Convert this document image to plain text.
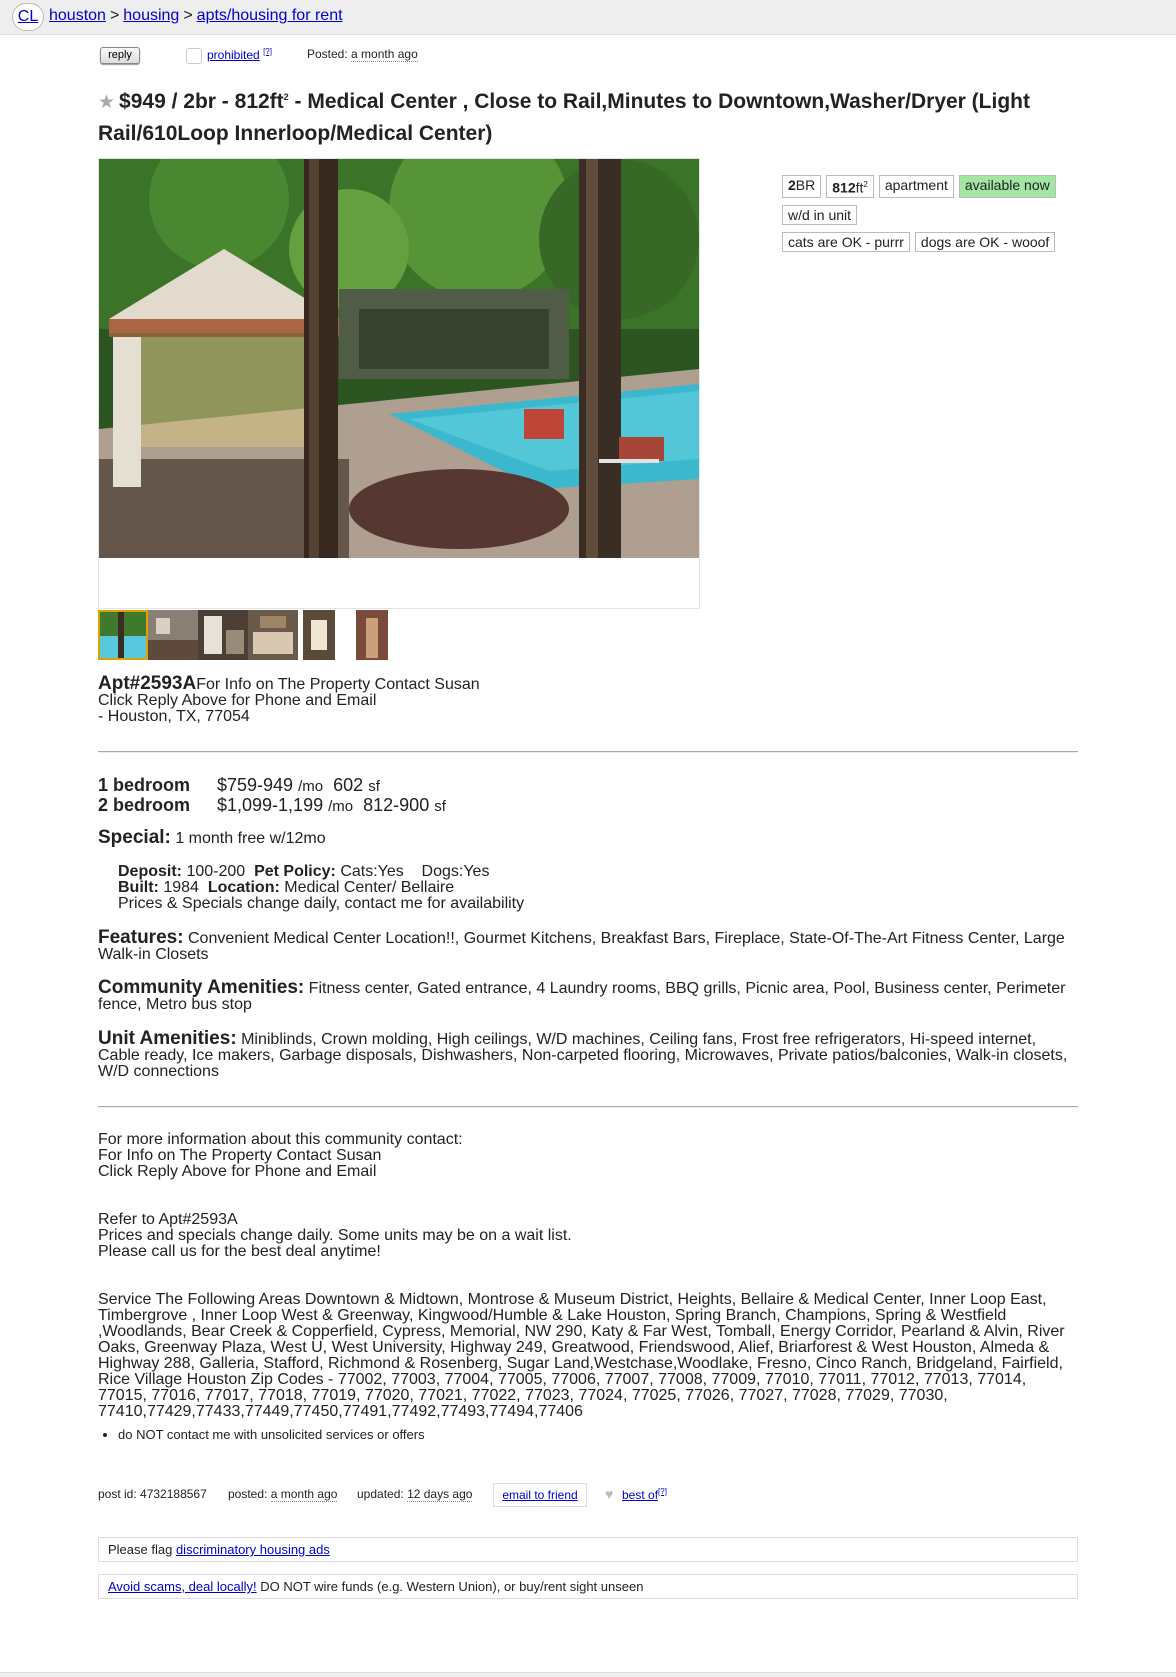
CL houston > housing > apts/housing for rent
reply	prohibited [?]	Posted: a month ago
★ $949 / $2br - 812ft^2$ - Medical Center , Close to Rail,Minutes to Downtown,Washer/Dryer (Light Rail/610Loop Innerloop/Medical Center)
2BR	$812ft^2$	apartment	available now
w/d in unit
cats are OK - purrr	dogs are OK - wooof
Apt#2593AFor Info on The Property Contact Susan
Click Reply Above for Phone and Email
- Houston, TX, 77054
1 bedroom $759-949 /mo 602 sf
2 bedroom $1,099-1,199 /mo 812-900 sf
Special: 1 month free w/12mo
Deposit: 100-200 Pet Policy: Cats:Yes    Dogs:Yes
Built: 1984 Location: Medical Center/ Bellaire
Prices & Specials change daily, contact me for availability
Features: Convenient Medical Center Location!!, Gourmet Kitchens, Breakfast Bars, Fireplace, State-Of-The-Art Fitness Center, Large Walk-in Closets
Community Amenities: Fitness center, Gated entrance, 4 Laundry rooms, BBQ grills, Picnic area, Pool, Business center, Perimeter fence, Metro bus stop
Unit Amenities: Miniblinds, Crown molding, High ceilings, W/D machines, Ceiling fans, Frost free refrigerators, Hi-speed internet, Cable ready, Ice makers, Garbage disposals, Dishwashers, Non-carpeted flooring, Microwaves, Private patios/balconies, Walk-in closets, W/D connections
For more information about this community contact:
For Info on The Property Contact Susan
Click Reply Above for Phone and Email
Refer to Apt#2593A
Prices and specials change daily. Some units may be on a wait list.
Please call us for the best deal anytime!
Service The Following Areas Downtown & Midtown, Montrose & Museum District, Heights, Bellaire & Medical Center, Inner Loop East, Timbergrove , Inner Loop West & Greenway, Kingwood/Humble & Lake Houston, Spring Branch, Champions, Spring & Westfield ,Woodlands, Bear Creek & Copperfield, Cypress, Memorial, NW 290, Katy & Far West, Tomball, Energy Corridor, Pearland & Alvin, River Oaks, Greenway Plaza, West U, West University, Highway 249, Greatwood, Friendswood, Alief, Briarforest & West Houston, Almeda & Highway 288, Galleria, Stafford, Richmond & Rosenberg, Sugar Land,Westchase,Woodlake, Fresno, Cinco Ranch, Bridgeland, Fairfield, Rice Village Houston Zip Codes - 77002, 77003, 77004, 77005, 77006, 77007, 77008, 77009, 77010, 77011, 77012, 77013, 77014, 77015, 77016, 77017, 77018, 77019, 77020, 77021, 77022, 77023, 77024, 77025, 77026, 77027, 77028, 77029, 77030, 77410,77429,77433,77449,77450,77491,77492,77493,77494,77406
• do NOT contact me with unsolicited services or offers
post id: 4732188567 posted: a month ago updated: 12 days ago	email to friend	♥ best of[?]
Please flag discriminatory housing ads
Avoid scams, deal locally! DO NOT wire funds (e.g. Western Union), or buy/rent sight unseen
